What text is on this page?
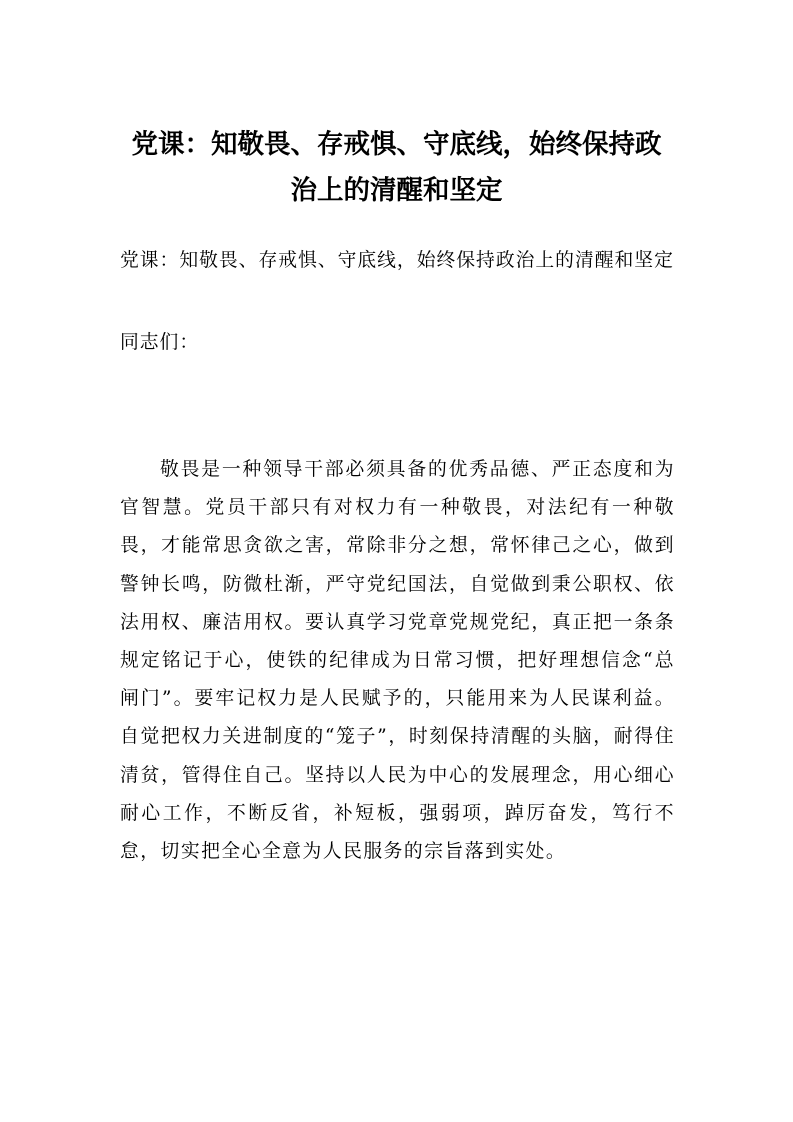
党课：知敬畏、存戒惧、守底线，始终保持政治上的清醒和坚定

党课：知敬畏、存戒惧、守底线，始终保持政治上的清醒和坚定

同志们：

敬畏是一种领导干部必须具备的优秀品德、严正态度和为官智慧。党员干部只有对权力有一种敬畏，对法纪有一种敬畏，才能常思贪欲之害，常除非分之想，常怀律己之心，做到警钟长鸣，防微杜渐，严守党纪国法，自觉做到秉公职权、依法用权、廉洁用权。要认真学习党章党规党纪，真正把一条条规定铭记于心，使铁的纪律成为日常习惯，把好理想信念“总闸门”。要牢记权力是人民赋予的，只能用来为人民谋利益。自觉把权力关进制度的“笼子”，时刻保持清醒的头脑，耐得住清贫，管得住自己。坚持以人民为中心的发展理念，用心细心耐心工作，不断反省，补短板，强弱项，踔厉奋发，笃行不怠，切实把全心全意为人民服务的宗旨落到实处。
